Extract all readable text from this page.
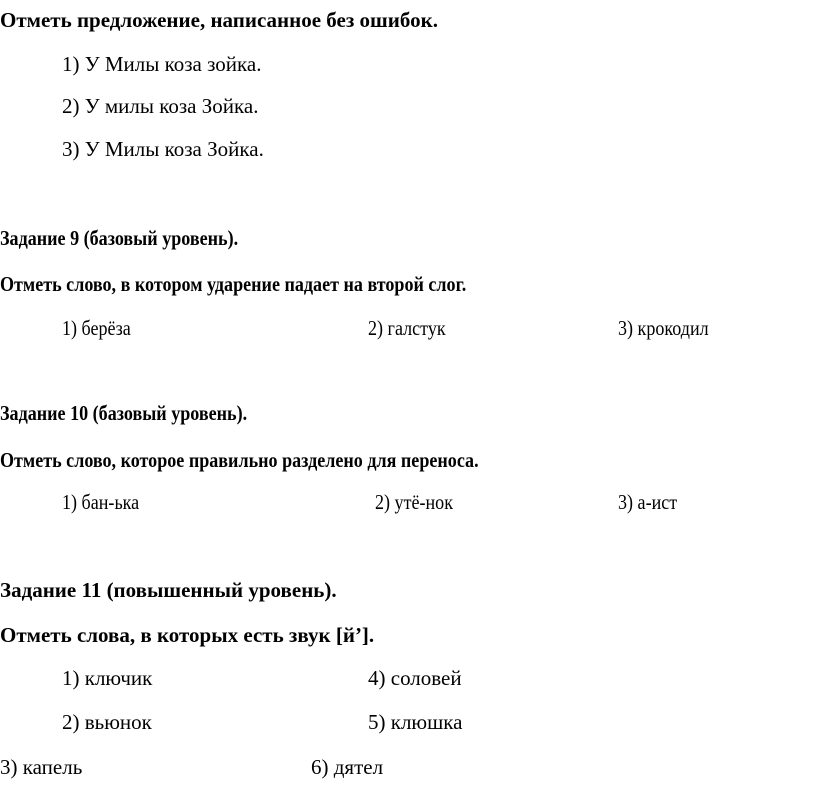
Отметь предложение, написанное без ошибок.
1) У Милы коза зойка.
2) У милы коза Зойка.
3) У Милы коза Зойка.
Задание 9 (базовый уровень).
Отметь слово, в котором ударение падает на второй слог.
1) берёза	2) галстук	3) крокодил
Задание 10 (базовый уровень).
Отметь слово, которое правильно разделено для переноса.
1) бан-ька	2) утё-нок	3) а-ист
Задание 11 (повышенный уровень).
Отметь слова, в которых есть звук [й’].
1) ключик
2) вьюнок
3) капель
4) соловей
5) клюшка
6) дятел
